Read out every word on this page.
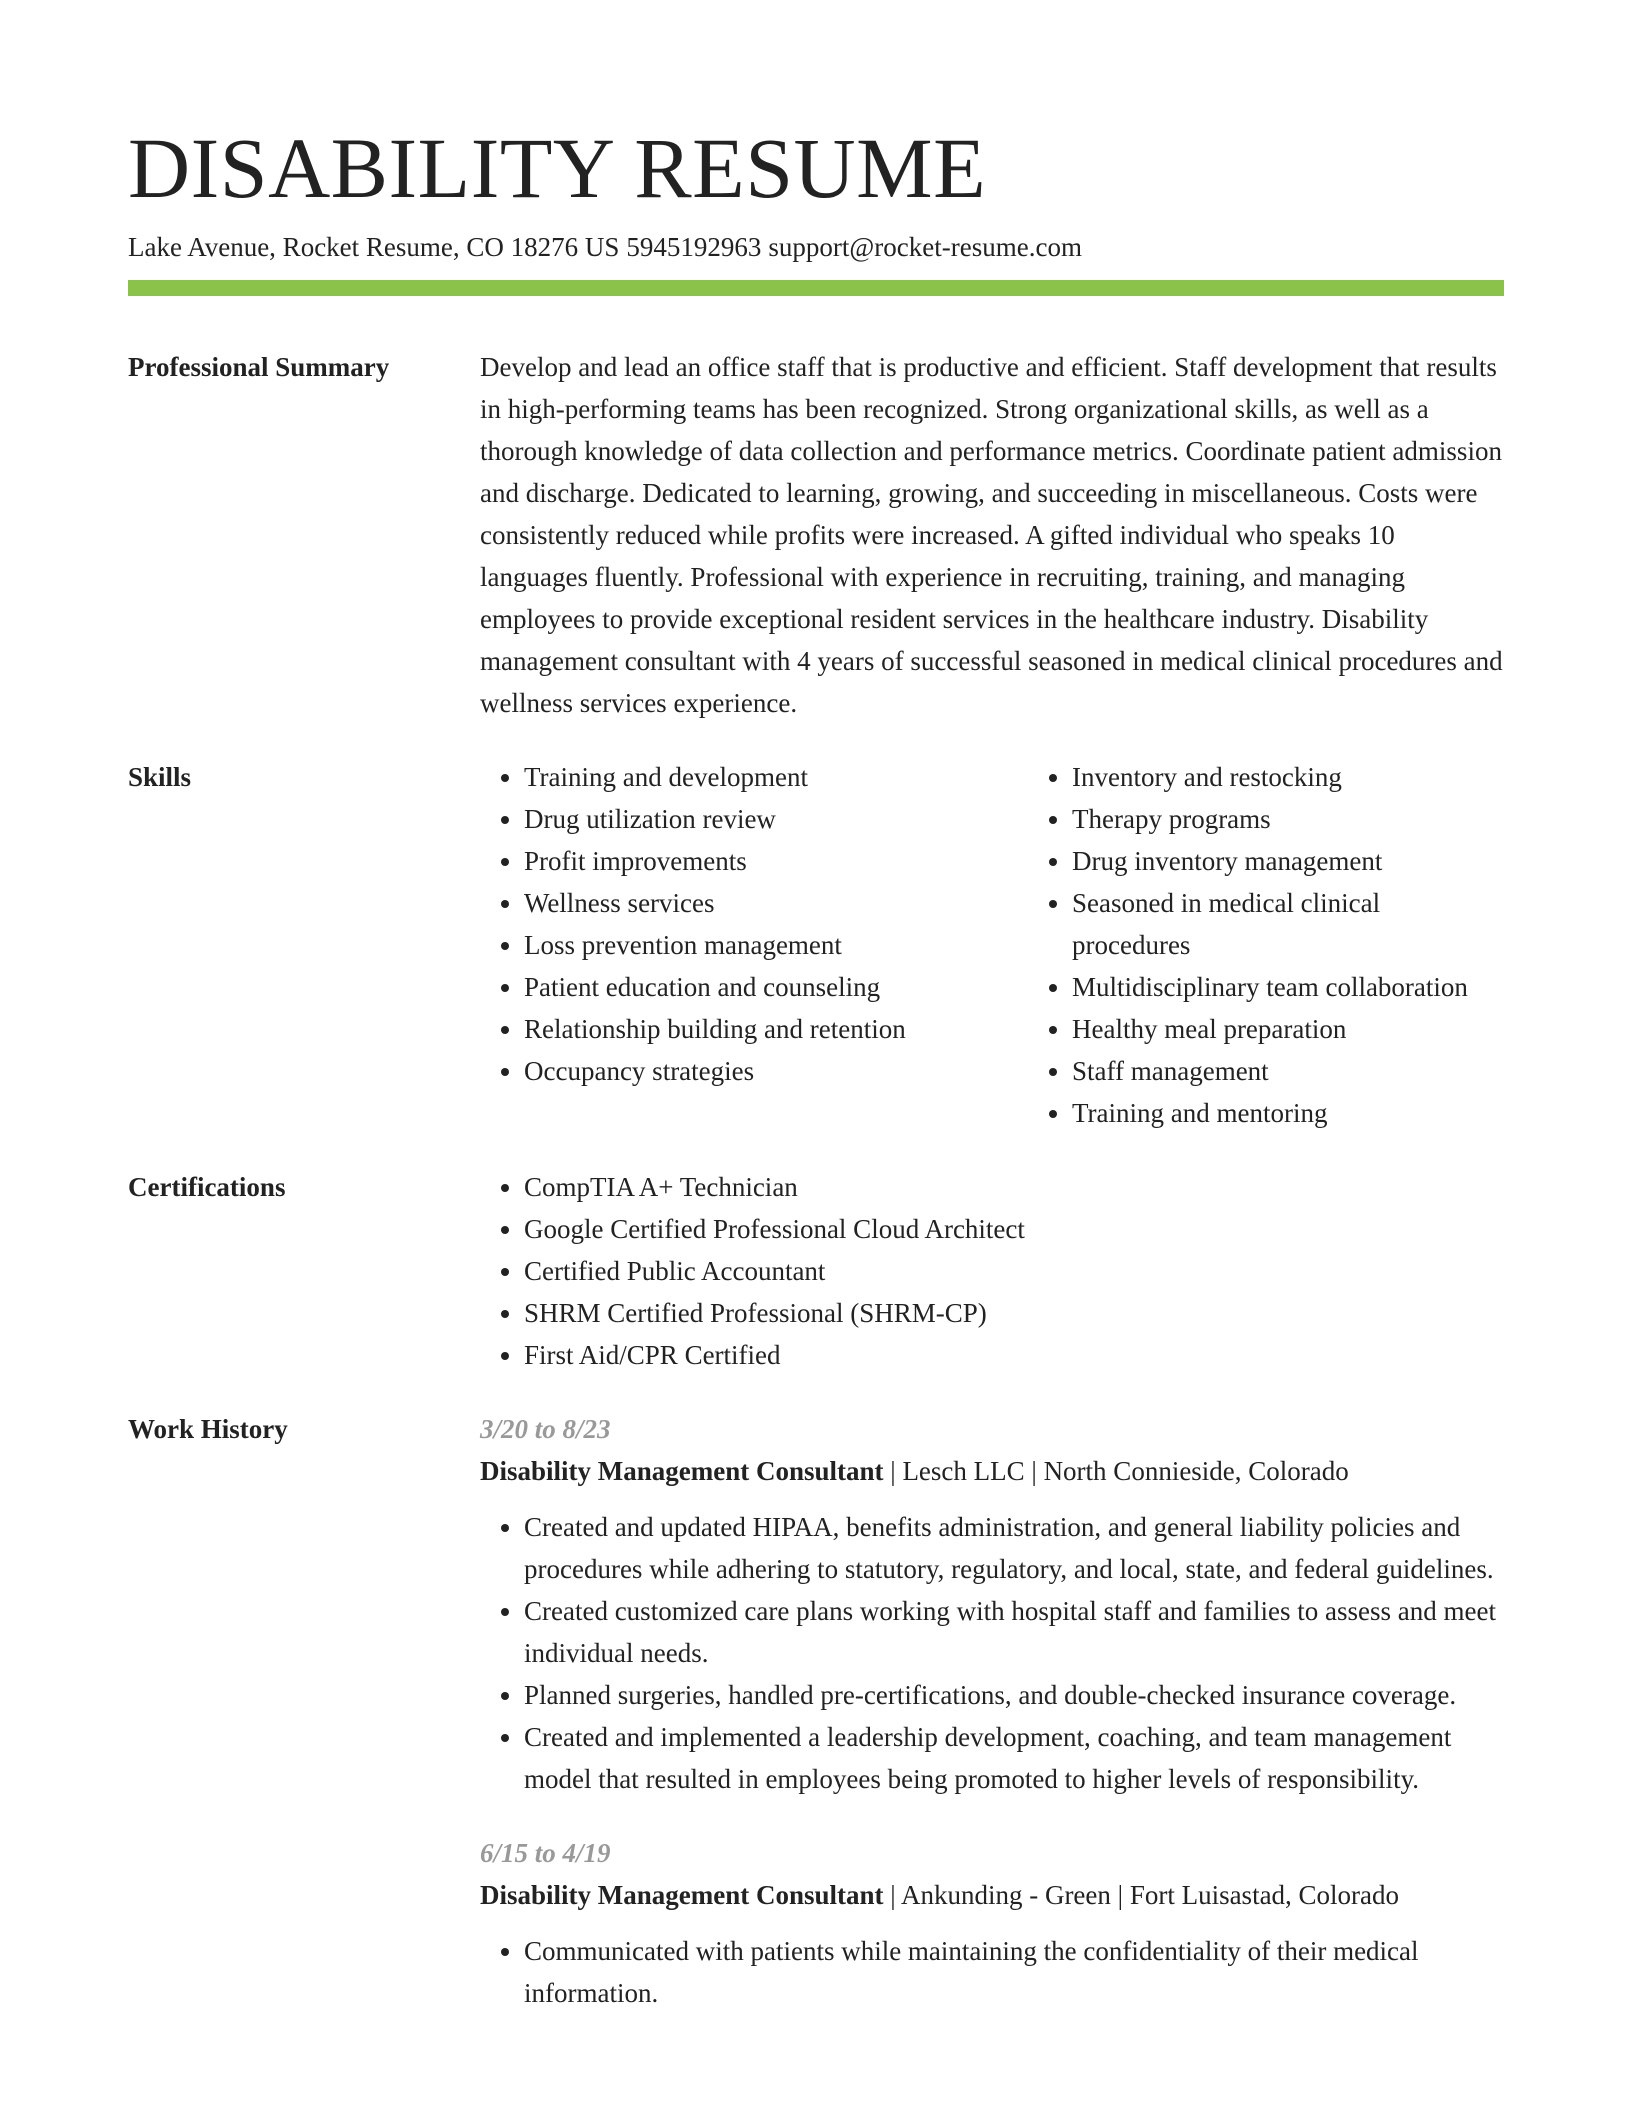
DISABILITY RESUME
Lake Avenue, Rocket Resume, CO 18276 US 5945192963 support@rocket-resume.com
Professional Summary	Develop and lead an office staff that is productive and efficient. Staff development that results in high-performing teams has been recognized. Strong organizational skills, as well as a thorough knowledge of data collection and performance metrics. Coordinate patient admission and discharge. Dedicated to learning, growing, and succeeding in miscellaneous. Costs were consistently reduced while profits were increased. A gifted individual who speaks 10 languages fluently. Professional with experience in recruiting, training, and managing employees to provide exceptional resident services in the healthcare industry. Disability management consultant with 4 years of successful seasoned in medical clinical procedures and wellness services experience.

Skills	• Training and development
• Drug utilization review
• Profit improvements
• Wellness services
• Loss prevention management
• Patient education and counseling
• Relationship building and retention
• Occupancy strategies
• Inventory and restocking
• Therapy programs
• Drug inventory management
• Seasoned in medical clinical procedures
• Multidisciplinary team collaboration
• Healthy meal preparation
• Staff management
• Training and mentoring
Certifications	• CompTIA A+ Technician
• Google Certified Professional Cloud Architect
• Certified Public Accountant
• SHRM Certified Professional (SHRM-CP)
• First Aid/CPR Certified
Work History	3/20 to 8/23
Disability Management Consultant | Lesch LLC | North Connieside, Colorado
• Created and updated HIPAA, benefits administration, and general liability policies and procedures while adhering to statutory, regulatory, and local, state, and federal guidelines.
• Created customized care plans working with hospital staff and families to assess and meet individual needs.
• Planned surgeries, handled pre-certifications, and double-checked insurance coverage.
• Created and implemented a leadership development, coaching, and team management model that resulted in employees being promoted to higher levels of responsibility.
6/15 to 4/19
Disability Management Consultant | Ankunding - Green | Fort Luisastad, Colorado
• Communicated with patients while maintaining the confidentiality of their medical information.
